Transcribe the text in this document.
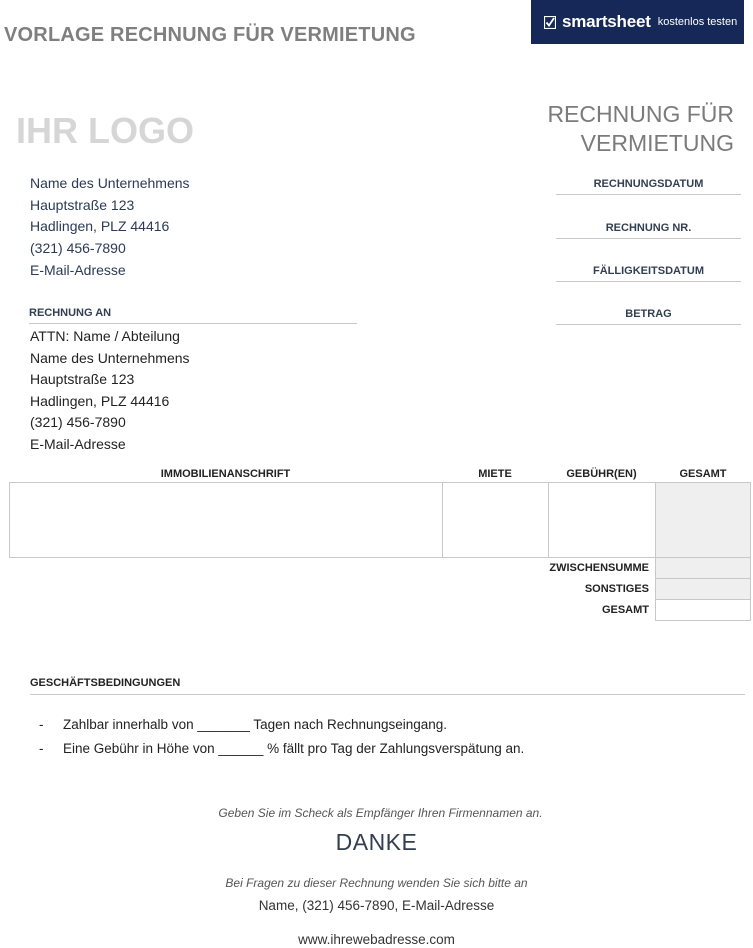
VORLAGE RECHNUNG FÜR VERMIETUNG
smartsheet kostenlos testen
IHR LOGO	RECHNUNG FÜR
VERMIETUNG
Name des Unternehmens
Hauptstraße 123
Hadlingen, PLZ 44416
(321) 456-7890
E-Mail-Adresse
RECHNUNGSDATUM
RECHNUNG NR.
FÄLLIGKEITSDATUM
BETRAG
RECHNUNG AN
ATTN: Name / Abteilung
Name des Unternehmens
Hauptstraße 123
Hadlingen, PLZ 44416
(321) 456-7890
E-Mail-Adresse
IMMOBILIENANSCHRIFT	MIETE	GEBÜHR(EN)	GESAMT
ZWISCHENSUMME
SONSTIGES
GESAMT
GESCHÄFTSBEDINGUNGEN
- Zahlbar innerhalb von _______ Tagen nach Rechnungseingang.
- Eine Gebühr in Höhe von ______ % fällt pro Tag der Zahlungsverspätung an.
Geben Sie im Scheck als Empfänger Ihren Firmennamen an.
DANKE
Bei Fragen zu dieser Rechnung wenden Sie sich bitte an
Name, (321) 456-7890, E-Mail-Adresse
www.ihrewebadresse.com
